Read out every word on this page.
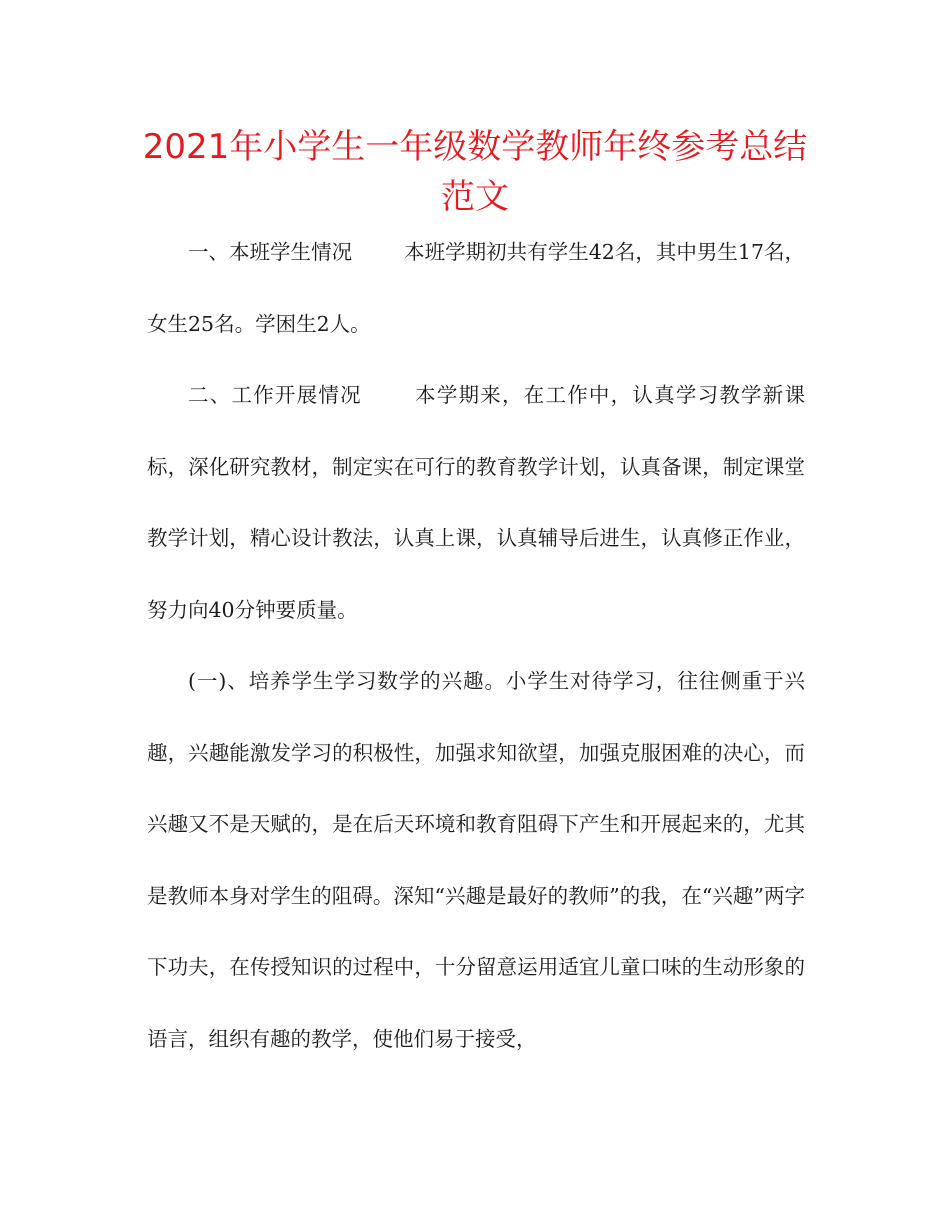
2021年小学生一年级数学教师年终参考总结范文

一、本班学生情况	本班学期初共有学生42名，其中男生17名，女生25名。学困生2人。

二、工作开展情况	本学期来，在工作中，认真学习教学新课标，深化研究教材，制定实在可行的教育教学计划，认真备课，制定课堂教学计划，精心设计教法，认真上课，认真辅导后进生，认真修正作业，努力向40分钟要质量。

(一)、培养学生学习数学的兴趣。小学生对待学习，往往侧重于兴趣，兴趣能激发学习的积极性，加强求知欲望，加强克服困难的决心，而兴趣又不是天赋的，是在后天环境和教育阻碍下产生和开展起来的，尤其是教师本身对学生的阻碍。深知“兴趣是最好的教师”的我，在“兴趣”两字下功夫，在传授知识的过程中，十分留意运用适宜儿童口味的生动形象的语言，组织有趣的教学，使他们易于接受，
